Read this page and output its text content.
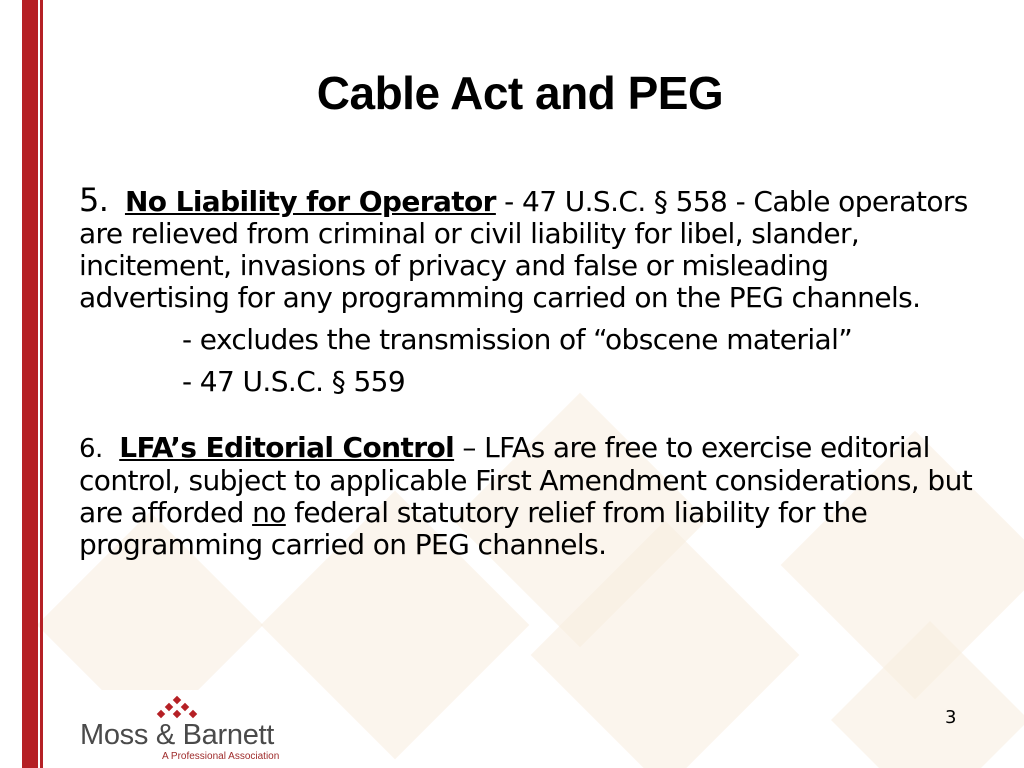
Cable Act and PEG

5. No Liability for Operator - 47 U.S.C. § 558 - Cable operators are relieved from criminal or civil liability for libel, slander, incitement, invasions of privacy and false or misleading advertising for any programming carried on the PEG channels.

- excludes the transmission of “obscene material”

- 47 U.S.C. § 559

6. LFA’s Editorial Control – LFAs are free to exercise editorial control, subject to applicable First Amendment considerations, but are afforded no federal statutory relief from liability for the programming carried on PEG channels.

Moss & Barnett
A Professional Association
3
